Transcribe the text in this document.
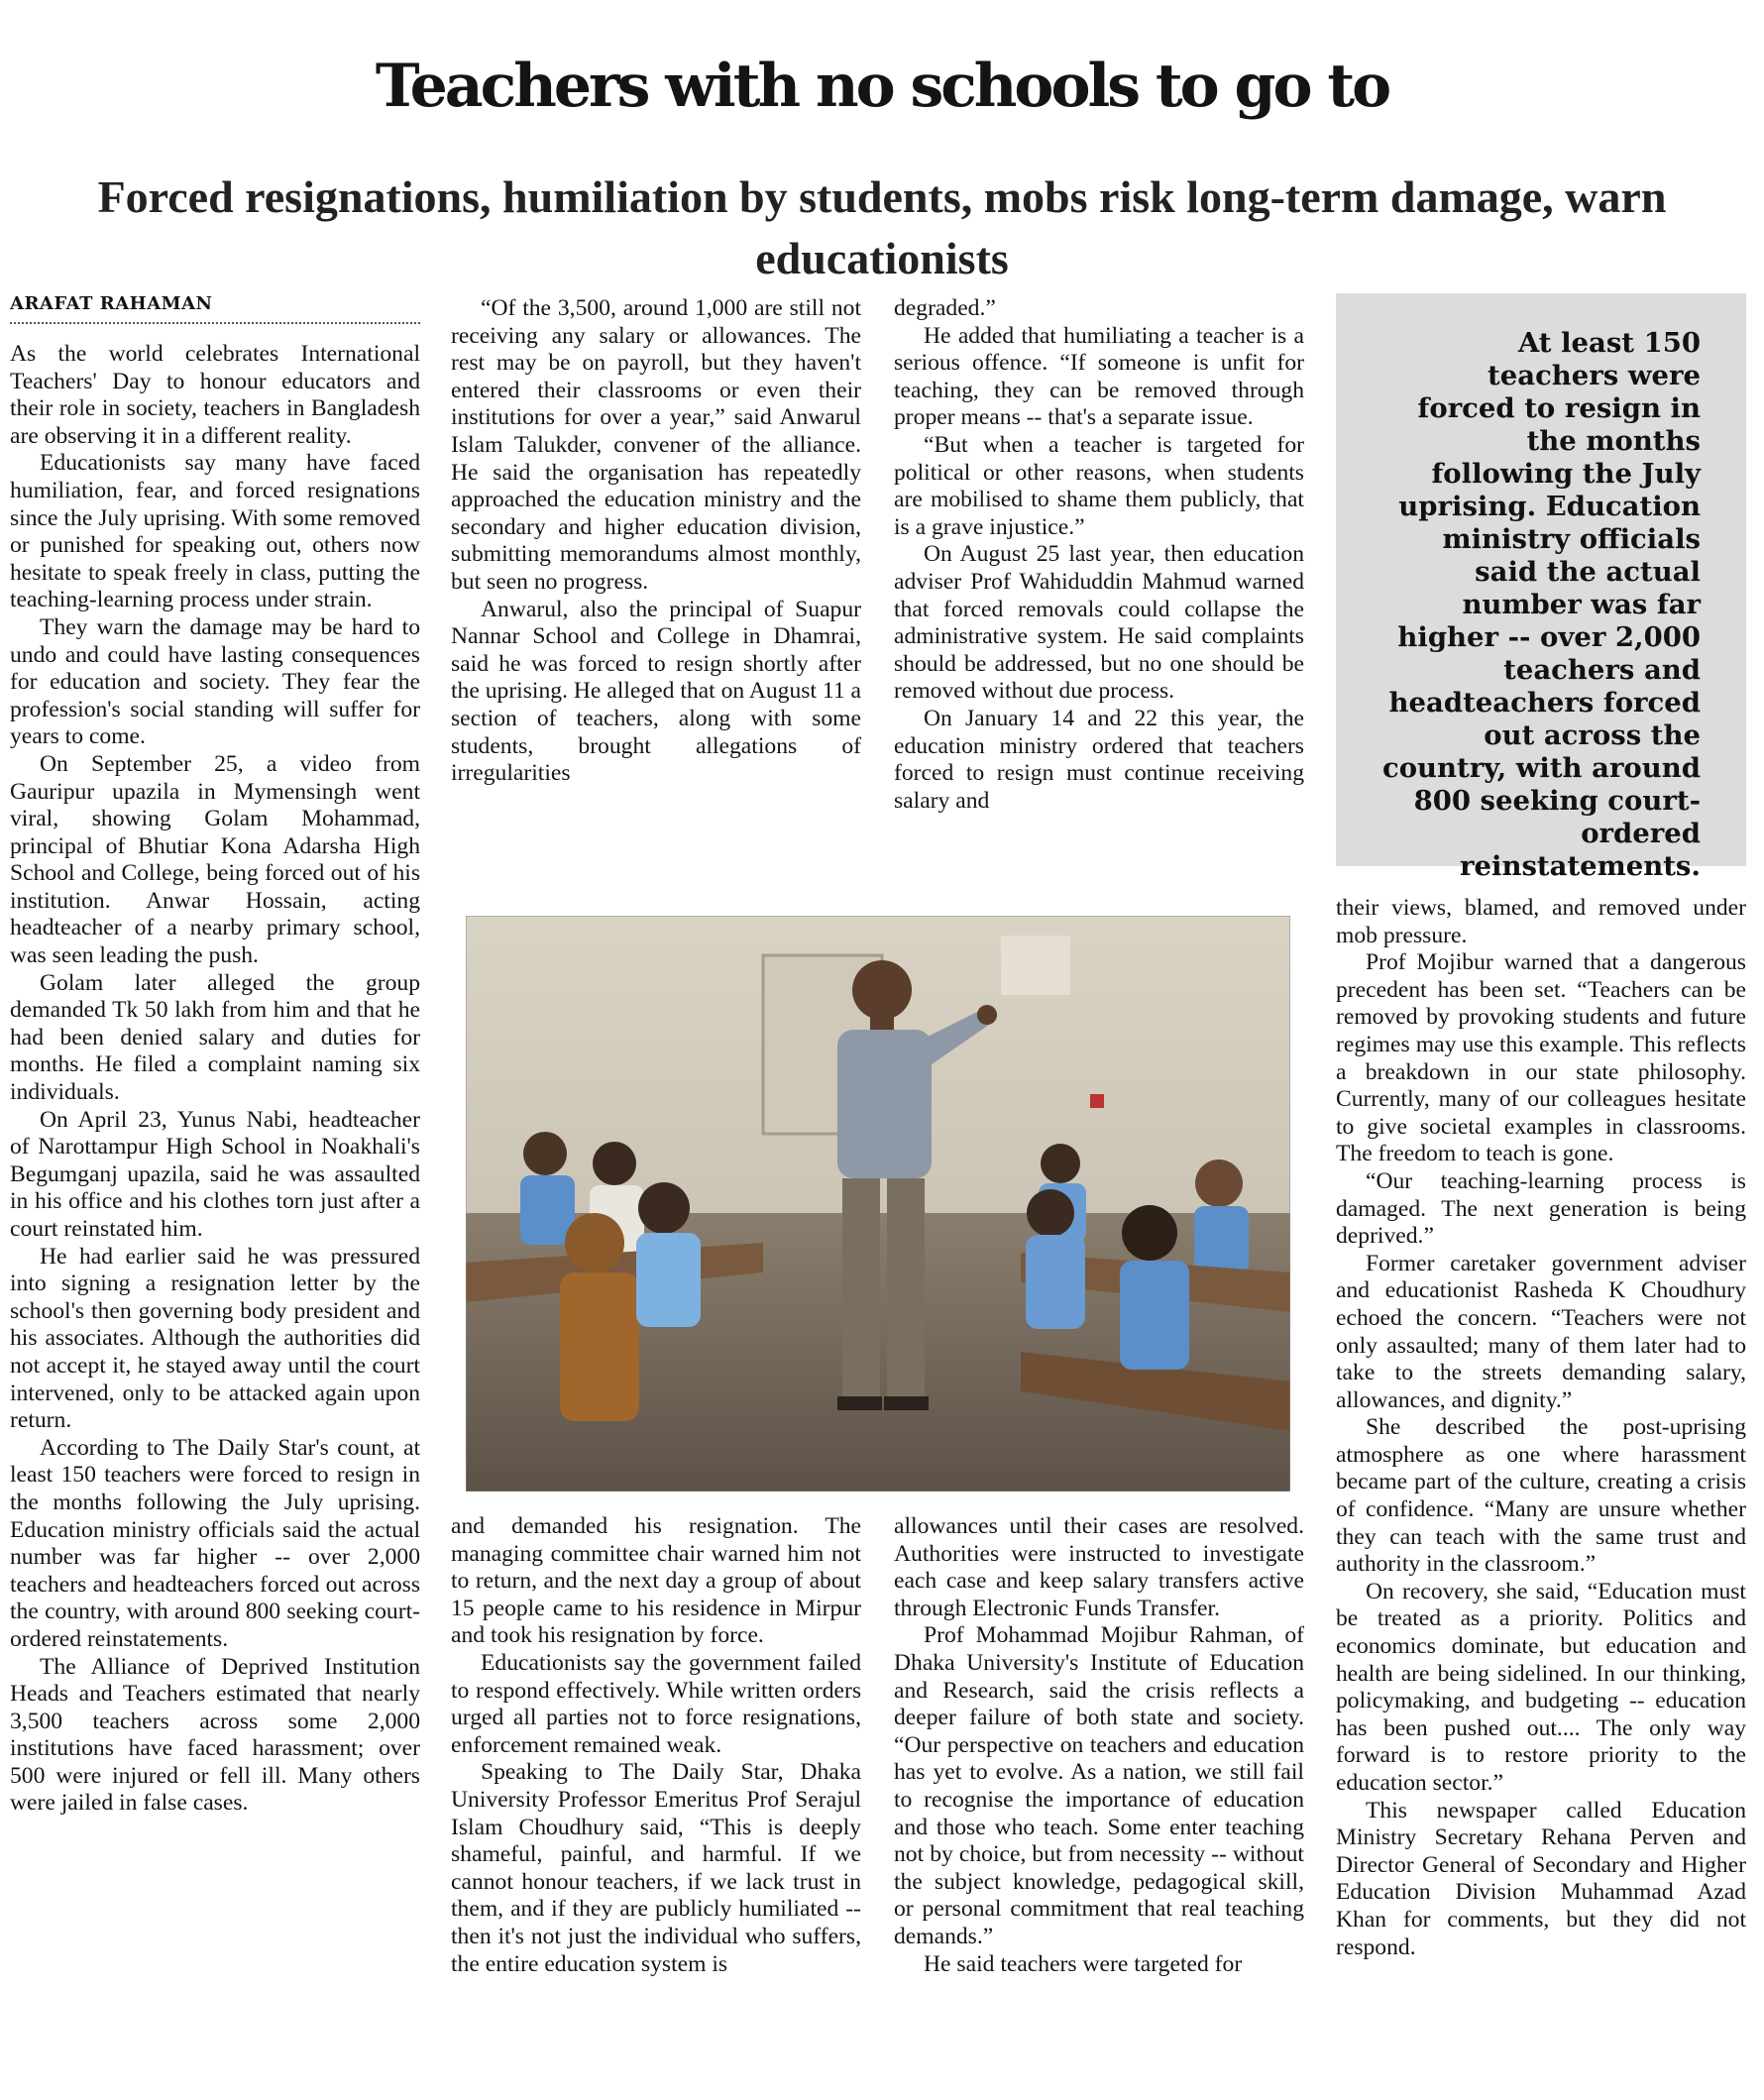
Teachers with no schools to go to
Forced resignations, humiliation by students, mobs risk long-term damage, warn educationists
ARAFAT RAHAMAN

As the world celebrates International Teachers' Day to honour educators and their role in society, teachers in Bangladesh are observing it in a different reality.

Educationists say many have faced humiliation, fear, and forced resignations since the July uprising. With some removed or punished for speaking out, others now hesitate to speak freely in class, putting the teaching-learning process under strain.

They warn the damage may be hard to undo and could have lasting consequences for education and society. They fear the profession's social standing will suffer for years to come.

On September 25, a video from Gauripur upazila in Mymensingh went viral, showing Golam Mohammad, principal of Bhutiar Kona Adarsha High School and College, being forced out of his institution. Anwar Hossain, acting headteacher of a nearby primary school, was seen leading the push.

Golam later alleged the group demanded Tk 50 lakh from him and that he had been denied salary and duties for months. He filed a complaint naming six individuals.

On April 23, Yunus Nabi, headteacher of Narottampur High School in Noakhali's Begumganj upazila, said he was assaulted in his office and his clothes torn just after a court reinstated him.

He had earlier said he was pressured into signing a resignation letter by the school's then governing body president and his associates. Although the authorities did not accept it, he stayed away until the court intervened, only to be attacked again upon return.

According to The Daily Star's count, at least 150 teachers were forced to resign in the months following the July uprising. Education ministry officials said the actual number was far higher -- over 2,000 teachers and headteachers forced out across the country, with around 800 seeking court-ordered reinstatements.

The Alliance of Deprived Institution Heads and Teachers estimated that nearly 3,500 teachers across some 2,000 institutions have faced harassment; over 500 were injured or fell ill. Many others were jailed in false cases.

“Of the 3,500, around 1,000 are still not receiving any salary or allowances. The rest may be on payroll, but they haven't entered their classrooms or even their institutions for over a year,” said Anwarul Islam Talukder, convener of the alliance. He said the organisation has repeatedly approached the education ministry and the secondary and higher education division, submitting memorandums almost monthly, but seen no progress.

Anwarul, also the principal of Suapur Nannar School and College in Dhamrai, said he was forced to resign shortly after the uprising. He alleged that on August 11 a section of teachers, along with some students, brought allegations of irregularities

degraded.”

He added that humiliating a teacher is a serious offence. “If someone is unfit for teaching, they can be removed through proper means -- that's a separate issue.

“But when a teacher is targeted for political or other reasons, when students are mobilised to shame them publicly, that is a grave injustice.”

On August 25 last year, then education adviser Prof Wahiduddin Mahmud warned that forced removals could collapse the administrative system. He said complaints should be addressed, but no one should be removed without due process.

On January 14 and 22 this year, the education ministry ordered that teachers forced to resign must continue receiving salary and

At least 150 teachers were forced to resign in the months following the July uprising. Education ministry officials said the actual number was far higher -- over 2,000 teachers and headteachers forced out across the country, with around 800 seeking court-ordered reinstatements.

and demanded his resignation. The managing committee chair warned him not to return, and the next day a group of about 15 people came to his residence in Mirpur and took his resignation by force.

Educationists say the government failed to respond effectively. While written orders urged all parties not to force resignations, enforcement remained weak.

Speaking to The Daily Star, Dhaka University Professor Emeritus Prof Serajul Islam Choudhury said, “This is deeply shameful, painful, and harmful. If we cannot honour teachers, if we lack trust in them, and if they are publicly humiliated -- then it's not just the individual who suffers, the entire education system is

allowances until their cases are resolved. Authorities were instructed to investigate each case and keep salary transfers active through Electronic Funds Transfer.

Prof Mohammad Mojibur Rahman, of Dhaka University's Institute of Education and Research, said the crisis reflects a deeper failure of both state and society. “Our perspective on teachers and education has yet to evolve. As a nation, we still fail to recognise the importance of education and those who teach. Some enter teaching not by choice, but from necessity -- without the subject knowledge, pedagogical skill, or personal commitment that real teaching demands.”

He said teachers were targeted for

their views, blamed, and removed under mob pressure.

Prof Mojibur warned that a dangerous precedent has been set. “Teachers can be removed by provoking students and future regimes may use this example. This reflects a breakdown in our state philosophy. Currently, many of our colleagues hesitate to give societal examples in classrooms. The freedom to teach is gone.

“Our teaching-learning process is damaged. The next generation is being deprived.”

Former caretaker government adviser and educationist Rasheda K Choudhury echoed the concern. “Teachers were not only assaulted; many of them later had to take to the streets demanding salary, allowances, and dignity.”

She described the post-uprising atmosphere as one where harassment became part of the culture, creating a crisis of confidence. “Many are unsure whether they can teach with the same trust and authority in the classroom.”

On recovery, she said, “Education must be treated as a priority. Politics and economics dominate, but education and health are being sidelined. In our thinking, policymaking, and budgeting -- education has been pushed out.... The only way forward is to restore priority to the education sector.”

This newspaper called Education Ministry Secretary Rehana Perven and Director General of Secondary and Higher Education Division Muhammad Azad Khan for comments, but they did not respond.
